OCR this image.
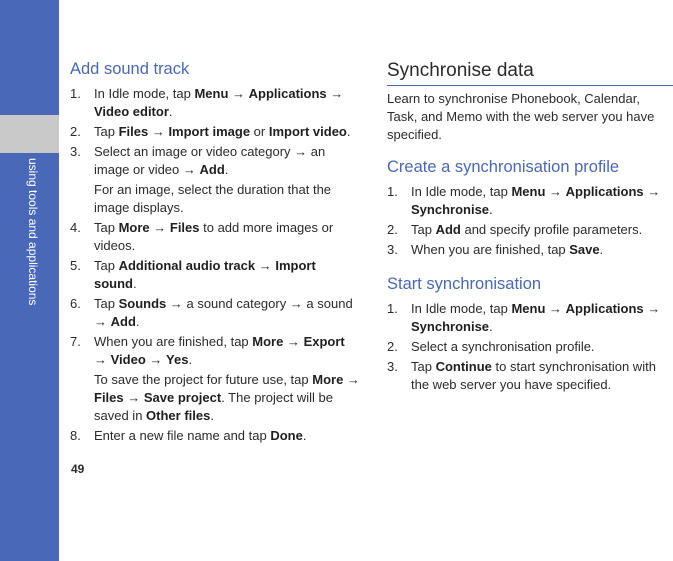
using tools and applications
Add sound track
1. In Idle mode, tap Menu → Applications → Video editor.
2. Tap Files → Import image or Import video.
3. Select an image or video category → an image or video → Add.
For an image, select the duration that the image displays.
4. Tap More → Files to add more images or videos.
5. Tap Additional audio track → Import sound.
6. Tap Sounds → a sound category → a sound → Add.
7. When you are finished, tap More → Export → Video → Yes.
To save the project for future use, tap More → Files → Save project. The project will be saved in Other files.
8. Enter a new file name and tap Done.
49
Synchronise data

Learn to synchronise Phonebook, Calendar, Task, and Memo with the web server you have specified.

Create a synchronisation profile
1. In Idle mode, tap Menu → Applications → Synchronise.
2. Tap Add and specify profile parameters.
3. When you are finished, tap Save.
Start synchronisation
1. In Idle mode, tap Menu → Applications → Synchronise.
2. Select a synchronisation profile.
3. Tap Continue to start synchronisation with the web server you have specified.
